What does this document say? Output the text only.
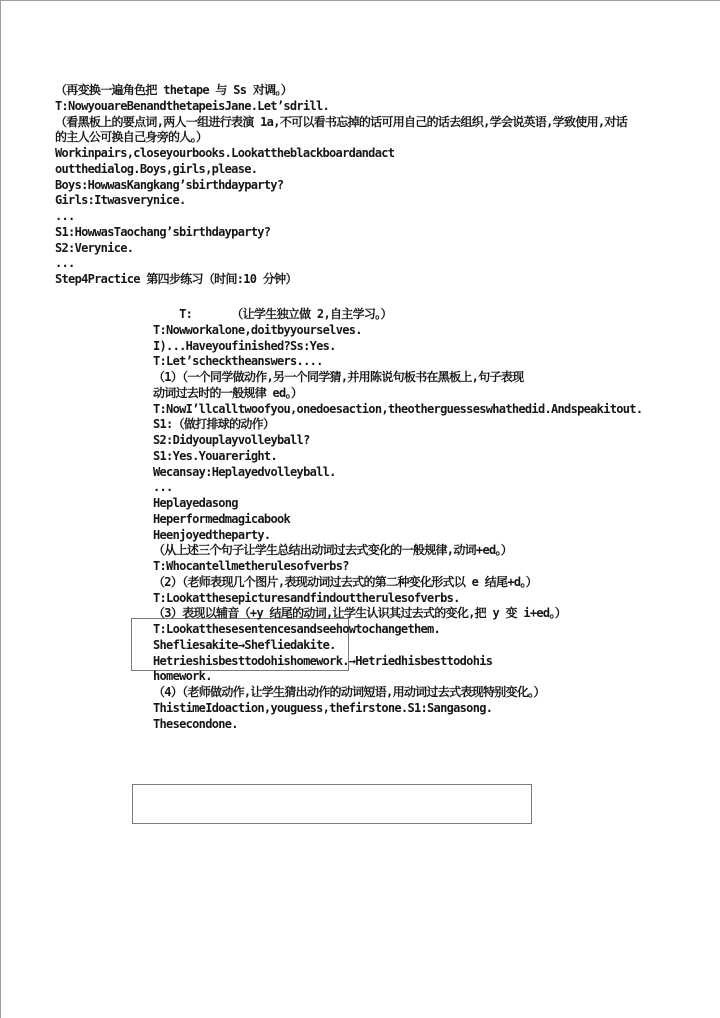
（再变换一遍角色把 thetape 与 Ss 对调。）
T:NowyouareBenandthetapeisJane.Let’sdrill.
（看黑板上的要点词,两人一组进行表演 1a,不可以看书忘掉的话可用自己的话去组织,学会说英语,学致使用,对话
的主人公可换自己身旁的人。）
Workinpairs,closeyourbooks.Lookattheblackboardandact
outthedialog.Boys,girls,please.
Boys:HowwasKangkang’sbirthdayparty?
Girls:Itwasverynice.
...
S1:HowwasTaochang’sbirthdayparty?
S2:Verynice.
...
Step4Practice 第四步练习（时间:10 分钟）
T:      （让学生独立做 2,自主学习。）
T:Nowworkalone,doitbyyourselves.
I)...Haveyoufinished?Ss:Yes.
T:Let’schecktheanswers....
（1）（一个同学做动作,另一个同学猜,并用陈说句板书在黑板上,句子表现
动词过去时的一般规律 ed。）
T:NowI’llcalltwoofyou,onedoesaction,theotherguesseswhathedid.Andspeakitout.
S1:（做打排球的动作）
S2:Didyouplayvolleyball?
S1:Yes.Youareright.
Wecansay:Heplayedvolleyball.
...
Heplayedasong
Heperformedmagicabook
Heenjoyedtheparty.
（从上述三个句子让学生总结出动词过去式变化的一般规律,动词+ed。）
T:Whocantellmetherulesofverbs?
（2）（老师表现几个图片,表现动词过去式的第二种变化形式以 e 结尾+d。）
T:Lookatthesepicturesandfindouttherulesofverbs.
（3）表现以辅音（+y 结尾的动词,让学生认识其过去式的变化,把 y 变 i+ed。）
T:Lookatthesesentencesandseehowtochangethem.
Shefliesakite→Shefliedakite.
Hetrieshisbesttodohishomework.→Hetriedhisbesttodohis
homework.
（4）（老师做动作,让学生猜出动作的动词短语,用动词过去式表现特别变化。）
ThistimeIdoaction,youguess,thefirstone.S1:Sangasong.
Thesecondone.
